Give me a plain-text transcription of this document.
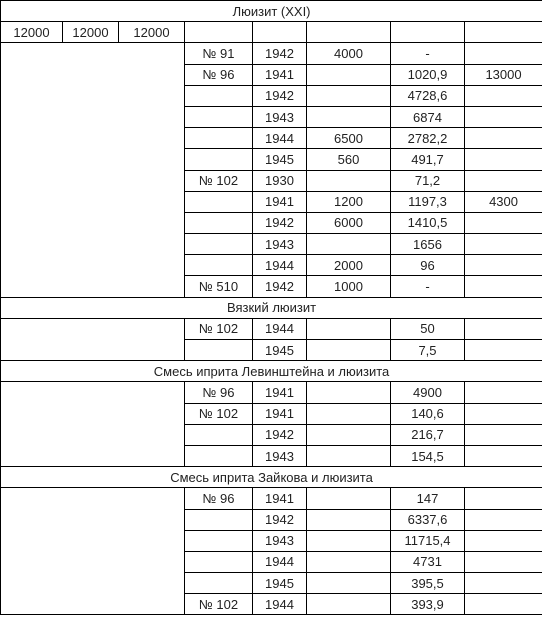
Люизит (XXI)							
12000	12000	12000					
			№ 91	1942	4000	-	
			№ 96	1941		1020,9	13000
				1942		4728,6	
				1943		6874	
				1944	6500	2782,2	
				1945	560	491,7	
			№ 102	1930		71,2	
				1941	1200	1197,3	4300
				1942	6000	1410,5	
				1943		1656	
				1944	2000	96	
			№ 510	1942	1000	-	
Вязкий люизит							
			№ 102	1944		50	
				1945		7,5	
Смесь иприта Левинштейна и люизита							
			№ 96	1941		4900	
			№ 102	1941		140,6	
				1942		216,7	
				1943		154,5	
Смесь иприта Зайкова и люизита							
			№ 96	1941		147	
				1942		6337,6	
				1943		11715,4	
				1944		4731	
				1945		395,5	
			№ 102	1944		393,9	
